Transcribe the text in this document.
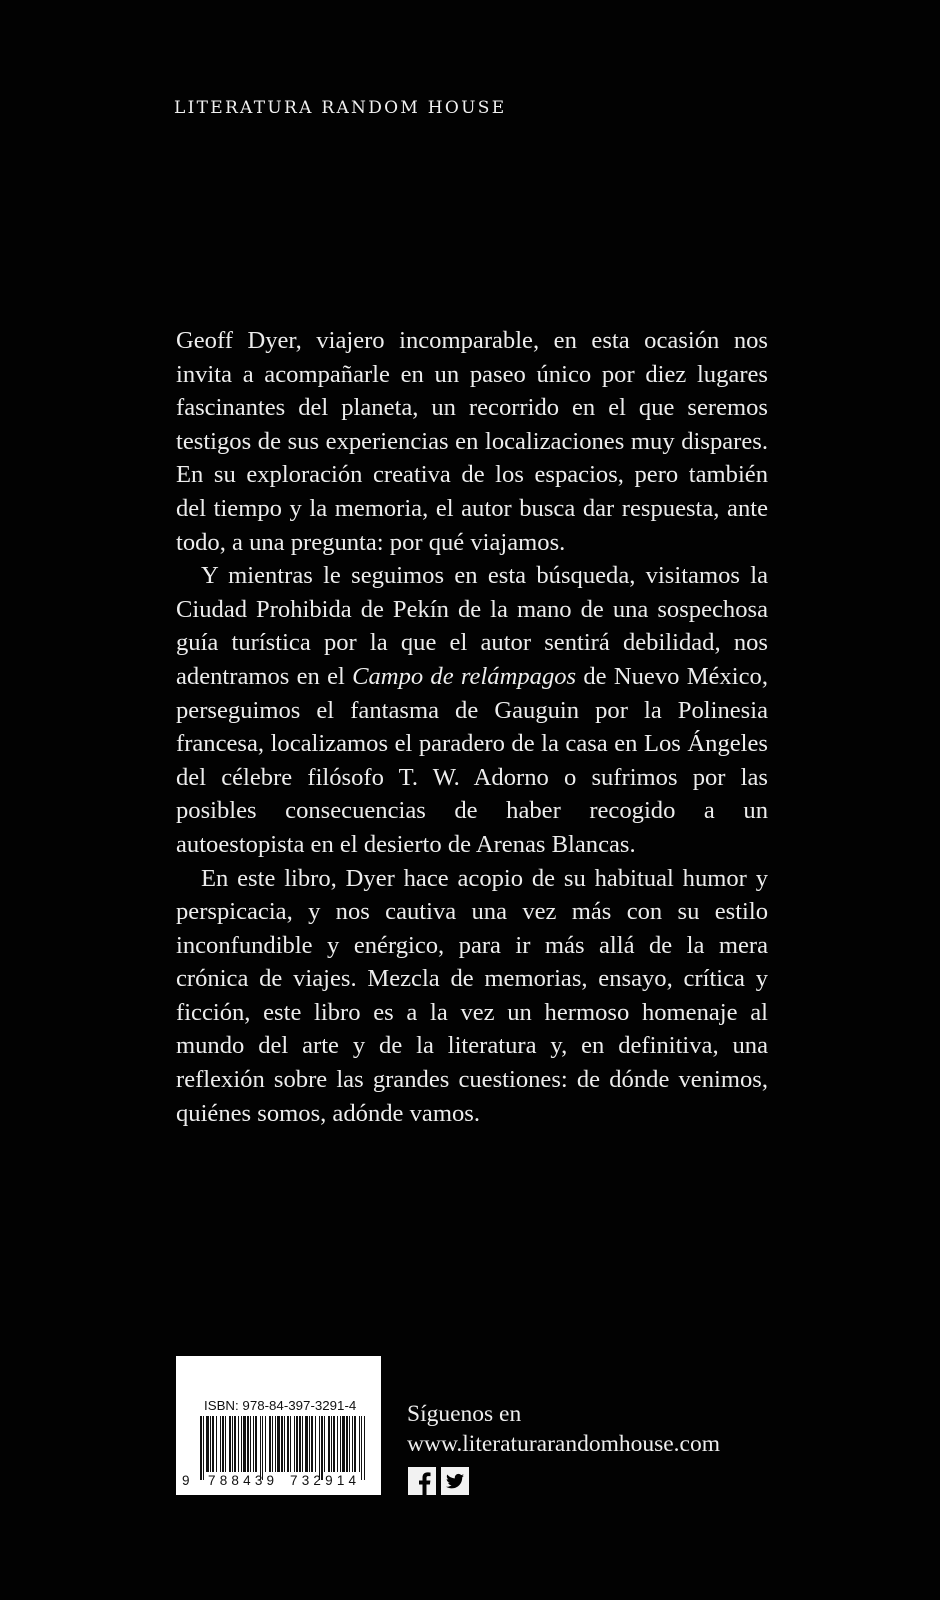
LITERATURA RANDOM HOUSE

Geoff Dyer, viajero incomparable, en esta ocasión nos invita a acompañarle en un paseo único por diez lugares fascinantes del planeta, un recorrido en el que seremos testigos de sus experiencias en localizaciones muy dispares. En su exploración creativa de los espacios, pero también del tiempo y la memoria, el autor busca dar respuesta, ante todo, a una pregunta: por qué viajamos.

Y mientras le seguimos en esta búsqueda, visitamos la Ciudad Prohibida de Pekín de la mano de una sospechosa guía turística por la que el autor sentirá debilidad, nos adentramos en el Campo de relámpagos de Nuevo México, perseguimos el fantasma de Gauguin por la Polinesia francesa, localizamos el paradero de la casa en Los Ángeles del célebre filósofo T. W. Adorno o sufrimos por las posibles consecuencias de haber recogido a un autoestopista en el desierto de Arenas Blancas.

En este libro, Dyer hace acopio de su habitual humor y perspicacia, y nos cautiva una vez más con su estilo inconfundible y enérgico, para ir más allá de la mera crónica de viajes. Mezcla de memorias, ensayo, crítica y ficción, este libro es a la vez un hermoso homenaje al mundo del arte y de la literatura y, en definitiva, una reflexión sobre las grandes cuestiones: de dónde venimos, quiénes somos, adónde vamos.

ISBN: 978-84-397-3291-4
9 788439 732914
Síguenos en
www.literaturarandomhouse.com
